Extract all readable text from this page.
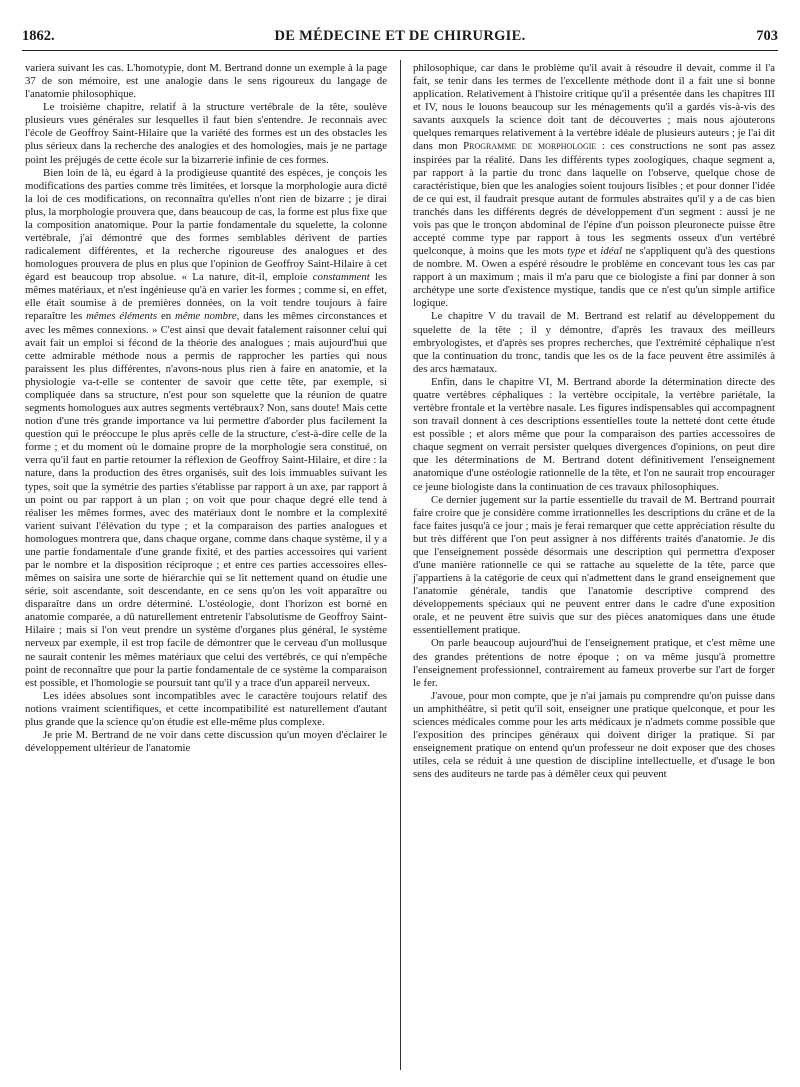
1862.	DE MÉDECINE ET DE CHIRURGIE.	703

variera suivant les cas. L'homotypie, dont M. Bertrand donne un exemple à la page 37 de son mémoire, est une analogie dans le sens rigoureux du langage de l'anatomie philosophique.

Le troisième chapitre, relatif à la structure vertébrale de la tête, soulève plusieurs vues générales sur lesquelles il faut bien s'entendre. Je reconnais avec l'école de Geoffroy Saint-Hilaire que la variété des formes est un des obstacles les plus sérieux dans la recherche des analogies et des homologies, mais je ne partage point les préjugés de cette école sur la bizarrerie infinie de ces formes.

Bien loin de là, eu égard à la prodigieuse quantité des espèces, je conçois les modifications des parties comme très limitées, et lorsque la morphologie aura dicté la loi de ces modifications, on reconnaîtra qu'elles n'ont rien de bizarre ; je dirai plus, la morphologie prouvera que, dans beaucoup de cas, la forme est plus fixe que la composition anatomique. Pour la partie fondamentale du squelette, la colonne vertébrale, j'ai démontré que des formes semblables dérivent de parties radicalement différentes, et la recherche rigoureuse des analogues et des homologues prouvera de plus en plus que l'opinion de Geoffroy Saint-Hilaire à cet égard est beaucoup trop absolue. « La nature, dit-il, emploie constamment les mêmes matériaux, et n'est ingénieuse qu'à en varier les formes ; comme si, en effet, elle était soumise à de premières données, on la voit tendre toujours à faire reparaître les mêmes éléments en même nombre, dans les mêmes circonstances et avec les mêmes connexions. » C'est ainsi que devait fatalement raisonner celui qui avait fait un emploi si fécond de la théorie des analogues ; mais aujourd'hui que cette admirable méthode nous a permis de rapprocher les parties qui nous paraissent les plus différentes, n'avons-nous plus rien à faire en anatomie, et la physiologie va-t-elle se contenter de savoir que cette tête, par exemple, si compliquée dans sa structure, n'est pour son squelette que la réunion de quatre segments homologues aux autres segments vertébraux? Non, sans doute! Mais cette notion d'une très grande importance va lui permettre d'aborder plus facilement la question qui le préoccupe le plus après celle de la structure, c'est-à-dire celle de la forme ; et du moment où le domaine propre de la morphologie sera constitué, on verra qu'il faut en partie retourner la réflexion de Geoffroy Saint-Hilaire, et dire : la nature, dans la production des êtres organisés, suit des lois immuables suivant les types, soit que la symétrie des parties s'établisse par rapport à un axe, par rapport à un point ou par rapport à un plan ; on voit que pour chaque degré elle tend à réaliser les mêmes formes, avec des matériaux dont le nombre et la complexité varient suivant l'élévation du type ; et la comparaison des parties analogues et homologues montrera que, dans chaque organe, comme dans chaque système, il y a une partie fondamentale d'une grande fixité, et des parties accessoires qui varient par le nombre et la disposition réciproque ; et entre ces parties accessoires elles-mêmes on saisira une sorte de hiérarchie qui se lit nettement quand on étudie une série, soit ascendante, soit descendante, en ce sens qu'on les voit apparaître ou disparaître dans un ordre déterminé. L'ostéologie, dont l'horizon est borné en anatomie comparée, a dû naturellement entretenir l'absolutisme de Geoffroy Saint-Hilaire ; mais si l'on veut prendre un système d'organes plus général, le système nerveux par exemple, il est trop facile de démontrer que le cerveau d'un mollusque ne saurait contenir les mêmes matériaux que celui des vertébrés, ce qui n'empêche point de reconnaître que pour la partie fondamentale de ce système la comparaison est possible, et l'homologie se poursuit tant qu'il y a trace d'un appareil nerveux.

Les idées absolues sont incompatibles avec le caractère toujours relatif des notions vraiment scientifiques, et cette incompatibilité est naturellement d'autant plus grande que la science qu'on étudie est elle-même plus complexe.

Je prie M. Bertrand de ne voir dans cette discussion qu'un moyen d'éclairer le développement ultérieur de l'anatomie

philosophique, car dans le problème qu'il avait à résoudre il devait, comme il l'a fait, se tenir dans les termes de l'excellente méthode dont il a fait une si bonne application. Relativement à l'histoire critique qu'il a présentée dans les chapitres III et IV, nous le louons beaucoup sur les ménagements qu'il a gardés vis-à-vis des savants auxquels la science doit tant de découvertes ; mais nous ajouterons quelques remarques relativement à la vertèbre idéale de plusieurs auteurs ; je l'ai dit dans mon Programme de morphologie : ces constructions ne sont pas assez inspirées par la réalité. Dans les différents types zoologiques, chaque segment a, par rapport à la partie du tronc dans laquelle on l'observe, quelque chose de caractéristique, bien que les analogies soient toujours lisibles ; et pour donner l'idée de ce qui est, il faudrait presque autant de formules abstraites qu'il y a de cas bien tranchés dans les différents degrés de développement d'un segment : aussi je ne vois pas que le tronçon abdominal de l'épine d'un poisson pleuronecte puisse être accepté comme type par rapport à tous les segments osseux d'un vertébré quelconque, à moins que les mots type et idéal ne s'appliquent qu'à des questions de nombre. M. Owen a espéré résoudre le problème en concevant tous les cas par rapport à un maximum ; mais il m'a paru que ce biologiste a fini par donner à son archétype une sorte d'existence mystique, tandis que ce n'est qu'un simple artifice logique.

Le chapitre V du travail de M. Bertrand est relatif au développement du squelette de la tête ; il y démontre, d'après les travaux des meilleurs embryologistes, et d'après ses propres recherches, que l'extrémité céphalique n'est que la continuation du tronc, tandis que les os de la face peuvent être assimilés à des arcs hæmataux.

Enfin, dans le chapitre VI, M. Bertrand aborde la détermination directe des quatre vertèbres céphaliques : la vertèbre occipitale, la vertèbre pariétale, la vertèbre frontale et la vertèbre nasale. Les figures indispensables qui accompagnent son travail donnent à ces descriptions essentielles toute la netteté dont cette étude est possible ; et alors même que pour la comparaison des parties accessoires de chaque segment on verrait persister quelques divergences d'opinions, on peut dire que les déterminations de M. Bertrand dotent définitivement l'enseignement anatomique d'une ostéologie rationnelle de la tête, et l'on ne saurait trop encourager ce jeune biologiste dans la continuation de ces travaux philosophiques.

Ce dernier jugement sur la partie essentielle du travail de M. Bertrand pourrait faire croire que je considère comme irrationnelles les descriptions du crâne et de la face faites jusqu'à ce jour ; mais je ferai remarquer que cette appréciation résulte du but très différent que l'on peut assigner à nos différents traités d'anatomie. Je dis que l'enseignement possède désormais une description qui permettra d'exposer d'une manière rationnelle ce qui se rattache au squelette de la tête, parce que j'appartiens à la catégorie de ceux qui n'admettent dans le grand enseignement que l'anatomie générale, tandis que l'anatomie descriptive comprend des développements spéciaux qui ne peuvent entrer dans le cadre d'une exposition orale, et ne peuvent être suivis que sur des pièces anatomiques dans une étude essentiellement pratique.

On parle beaucoup aujourd'hui de l'enseignement pratique, et c'est même une des grandes prétentions de notre époque ; on va même jusqu'à promettre l'enseignement professionnel, contrairement au fameux proverbe sur l'art de forger le fer.

J'avoue, pour mon compte, que je n'ai jamais pu comprendre qu'on puisse dans un amphithéâtre, si petit qu'il soit, enseigner une pratique quelconque, et pour les sciences médicales comme pour les arts médicaux je n'admets comme possible que l'exposition des principes généraux qui doivent diriger la pratique. Si par enseignement pratique on entend qu'un professeur ne doit exposer que des choses utiles, cela se réduit à une question de discipline intellectuelle, et d'usage le bon sens des auditeurs ne tarde pas à démêler ceux qui peuvent
